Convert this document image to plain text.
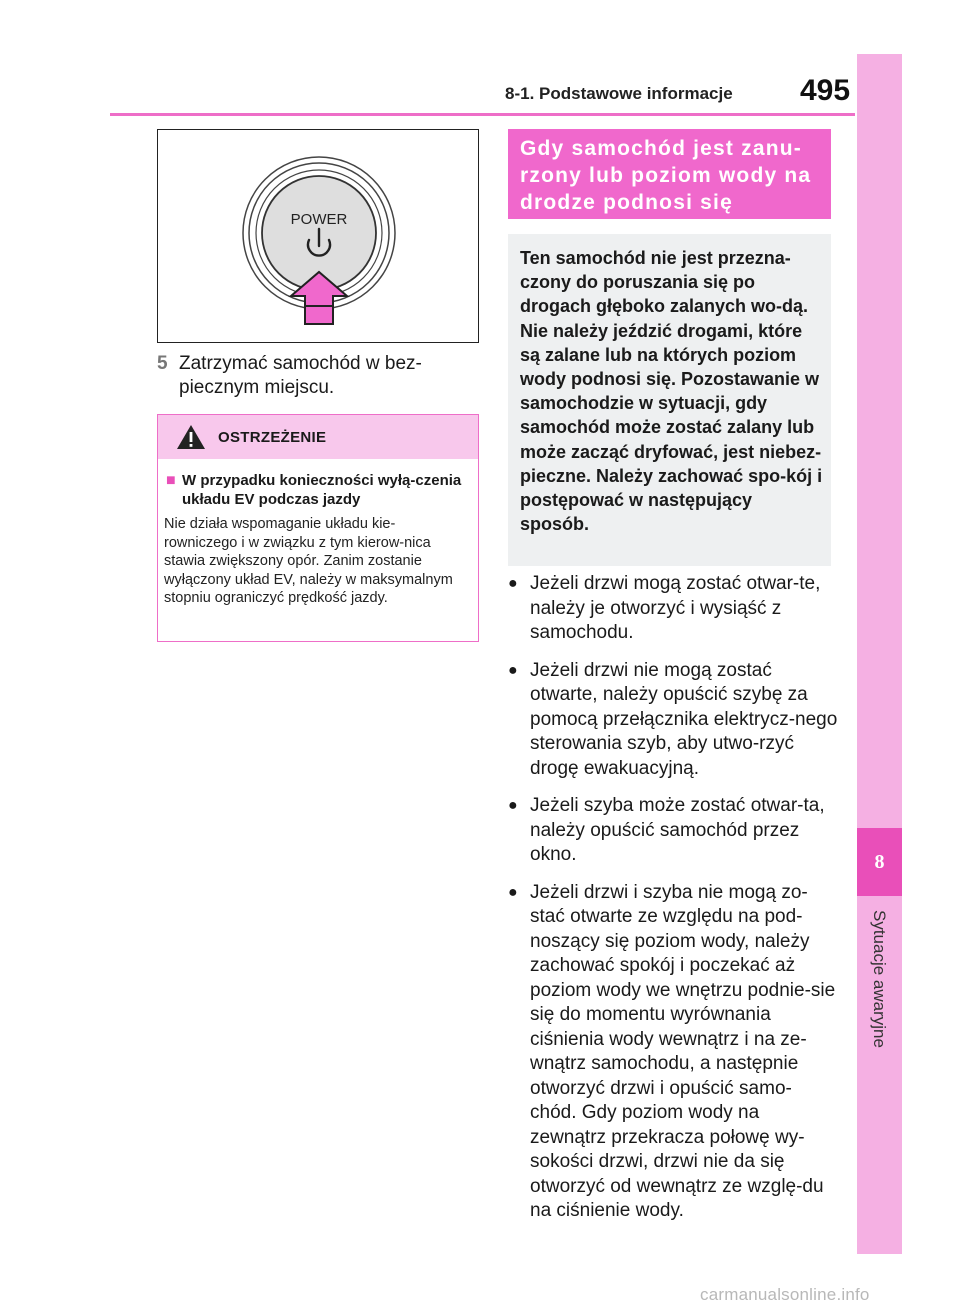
8-1. Podstawowe informacje 495
8
Sytuacje awaryjne
POWER
5 Zatrzymać samochód w bez-
piecznym miejscu.
OSTRZEŻENIE
■ W przypadku konieczności wyłą-czenia układu EV podczas jazdy
Nie działa wspomaganie układu kie-rowniczego i w związku z tym kierow-nica stawia zwiększony opór. Zanim zostanie wyłączony układ EV, należy w maksymalnym stopniu ograniczyć prędkość jazdy.
Gdy samochód jest zanu-rzony lub poziom wody na drodze podnosi się
Ten samochód nie jest przezna-czony do poruszania się po drogach głęboko zalanych wo-dą. Nie należy jeździć drogami, które są zalane lub na których poziom wody podnosi się. Pozostawanie w samochodzie w sytuacji, gdy samochód może zostać zalany lub może zacząć dryfować, jest niebez-pieczne. Należy zachować spo-kój i postępować w następujący sposób.
● Jeżeli drzwi mogą zostać otwar-te, należy je otworzyć i wysiąść z samochodu.
● Jeżeli drzwi nie mogą zostać otwarte, należy opuścić szybę za pomocą przełącznika elektrycz-nego sterowania szyb, aby utwo-rzyć drogę ewakuacyjną.
● Jeżeli szyba może zostać otwar-ta, należy opuścić samochód przez okno.
● Jeżeli drzwi i szyba nie mogą zo-stać otwarte ze względu na pod-noszący się poziom wody, należy zachować spokój i poczekać aż poziom wody we wnętrzu podnie-sie się do momentu wyrównania ciśnienia wody wewnątrz i na ze-wnątrz samochodu, a następnie otworzyć drzwi i opuścić samo-chód. Gdy poziom wody na zewnątrz przekracza połowę wy-sokości drzwi, drzwi nie da się otworzyć od wewnątrz ze wzglę-du na ciśnienie wody.
carmanualsonline.info
